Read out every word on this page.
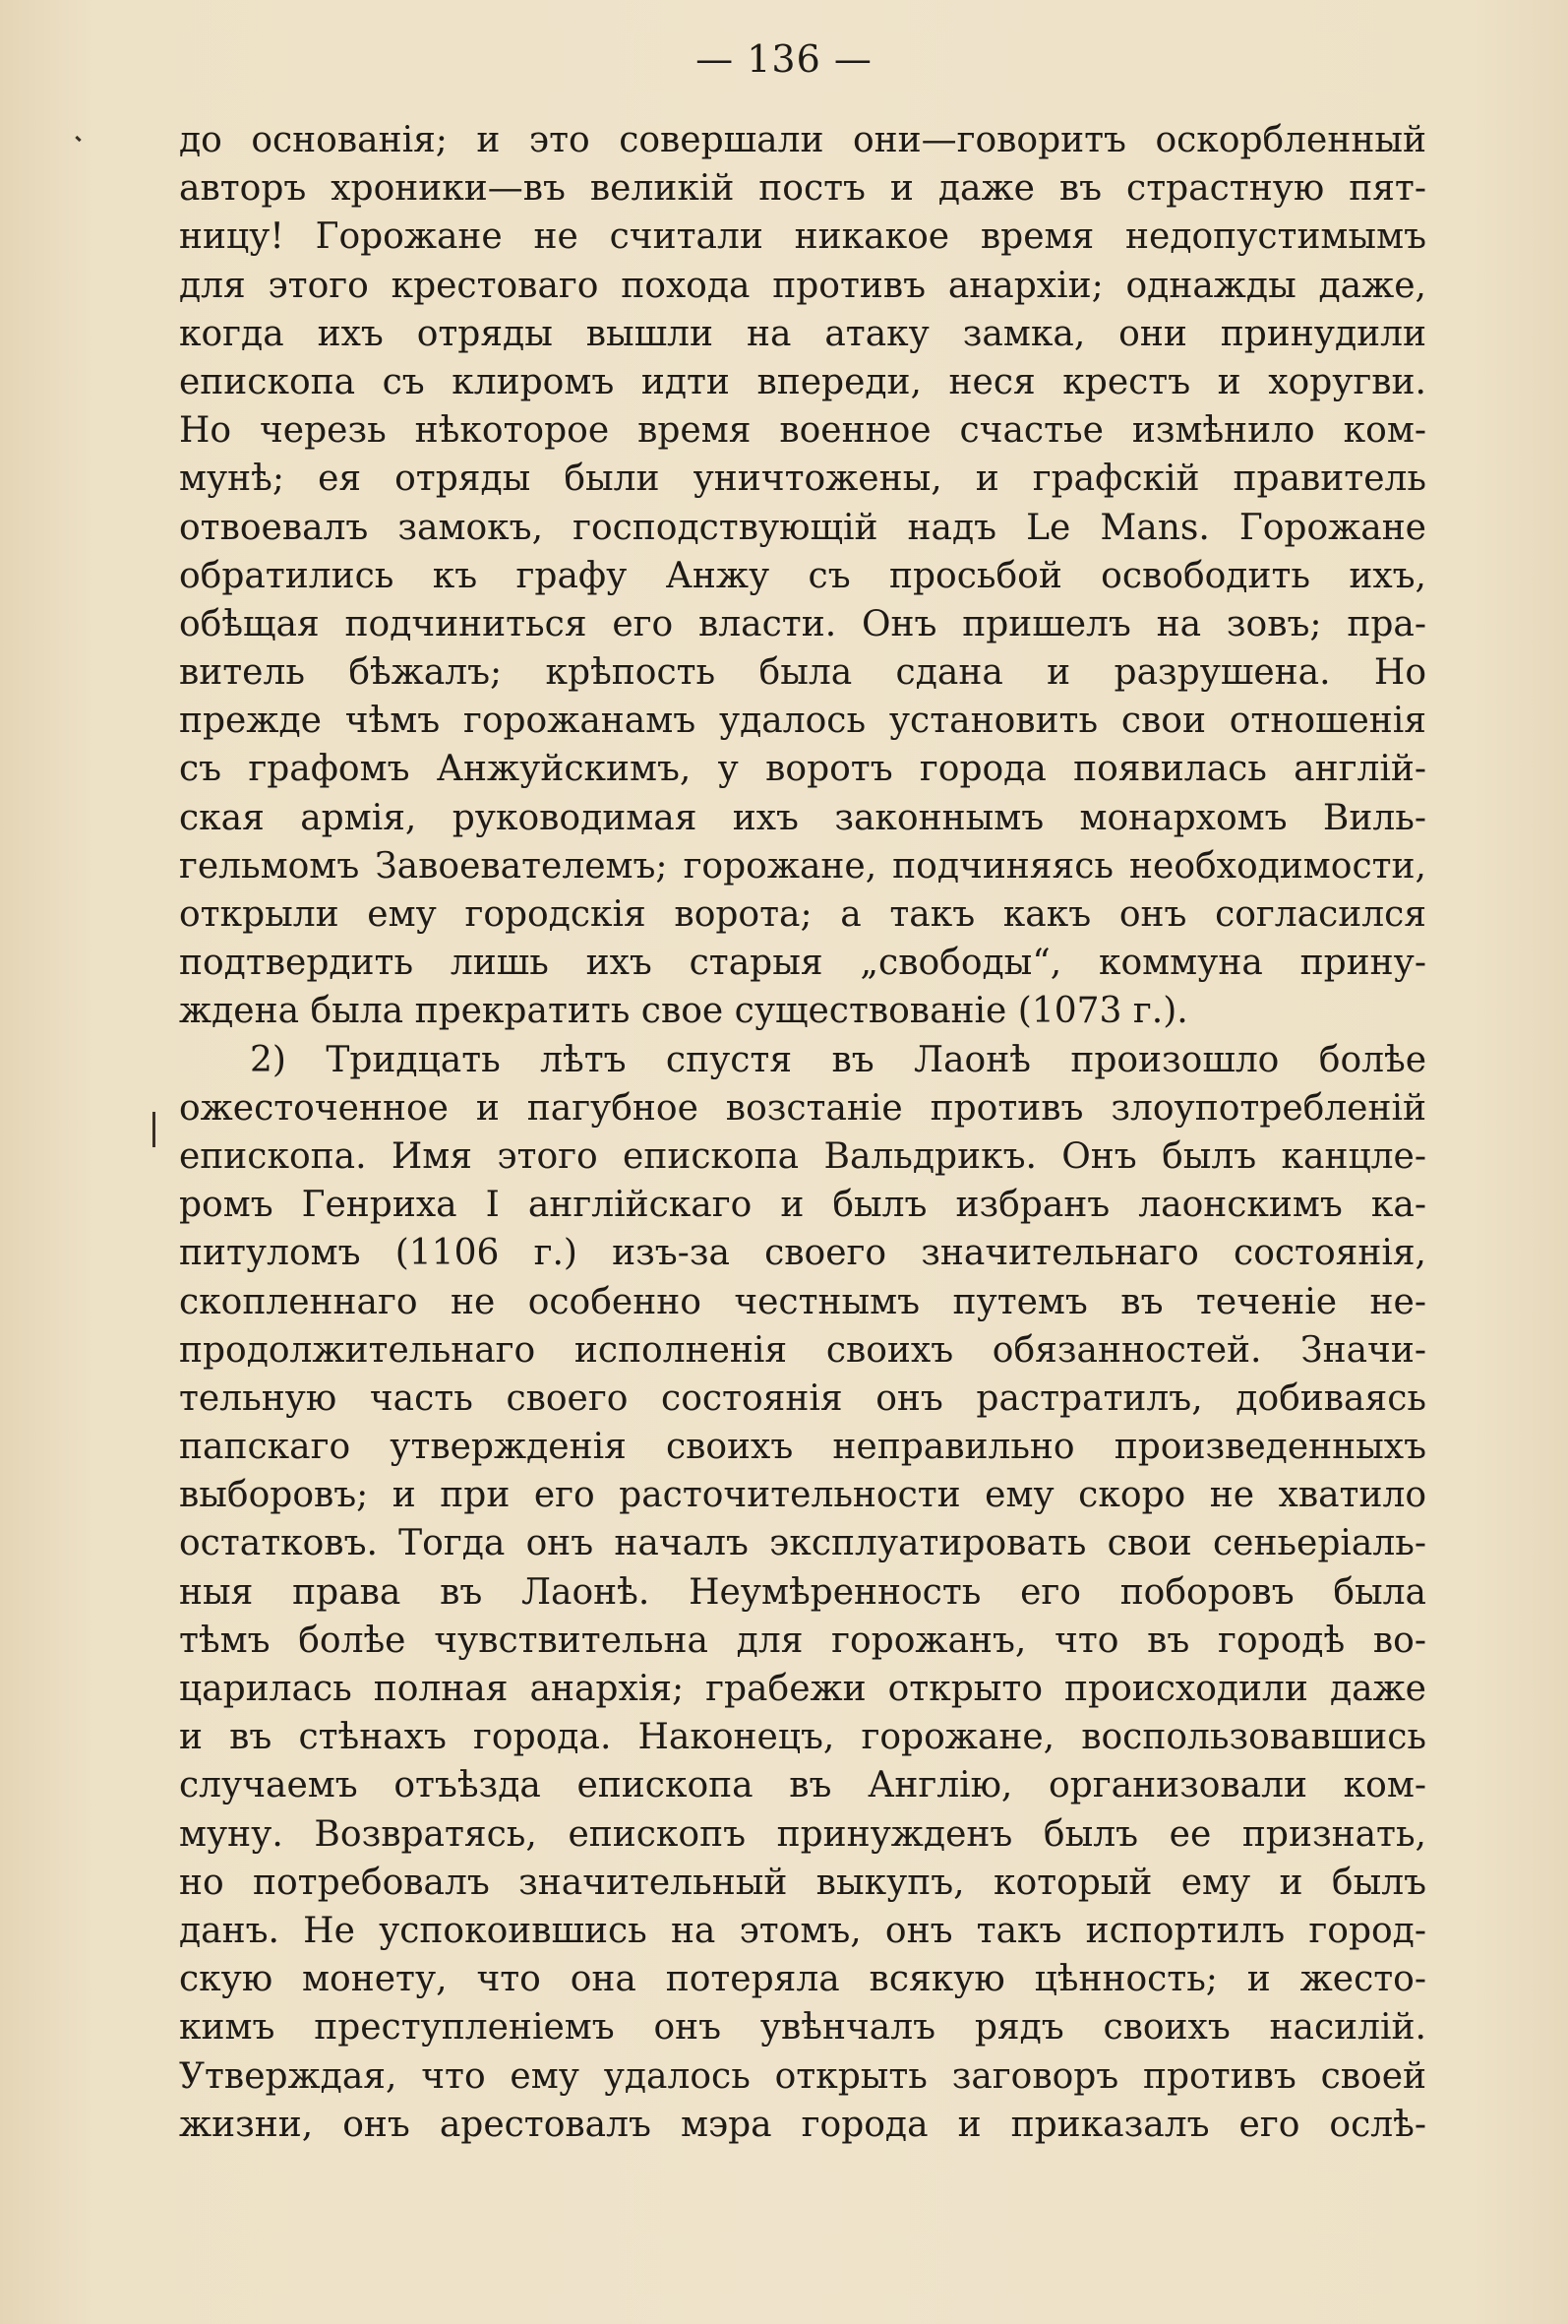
— 136 —
до основанія; и это совершали они—говоритъ оскорбленный
авторъ хроники—въ великій постъ и даже въ страстную пят-
ницу! Горожане не считали никакое время недопустимымъ
для этого крестоваго похода противъ анархіи; однажды даже,
когда ихъ отряды вышли на атаку замка, они принудили
епископа съ клиромъ идти впереди, неся крестъ и хоругви.
Но черезь нѣкоторое время военное счастье измѣнило ком-
мунѣ; ея отряды были уничтожены, и графскій правитель
отвоевалъ замокъ, господствующій надъ Le Mans. Горожане
обратились къ графу Анжу съ просьбой освободить ихъ,
обѣщая подчиниться его власти. Онъ пришелъ на зовъ; пра-
витель бѣжалъ; крѣпость была сдана и разрушена. Но
прежде чѣмъ горожанамъ удалось установить свои отношенія
съ графомъ Анжуйскимъ, у воротъ города появилась англій-
ская армія, руководимая ихъ законнымъ монархомъ Виль-
гельмомъ Завоевателемъ; горожане, подчиняясь необходимости,
открыли ему городскія ворота; а такъ какъ онъ согласился
подтвердить лишь ихъ старыя „свободы“, коммуна прину-
ждена была прекратить свое существованіе (1073 г.).
2) Тридцать лѣтъ спустя въ Лаонѣ произошло болѣе
ожесточенное и пагубное возстаніе противъ злоупотребленій
епископа. Имя этого епископа Вальдрикъ. Онъ былъ канцле-
ромъ Генриха I англійскаго и былъ избранъ лаонскимъ ка-
питуломъ (1106 г.) изъ-за своего значительнаго состоянія,
скопленнаго не особенно честнымъ путемъ въ теченіе не-
продолжительнаго исполненія своихъ обязанностей. Значи-
тельную часть своего состоянія онъ растратилъ, добиваясь
папскаго утвержденія своихъ неправильно произведенныхъ
выборовъ; и при его расточительности ему скоро не хватило
остатковъ. Тогда онъ началъ эксплуатировать свои сеньеріаль-
ныя права въ Лаонѣ. Неумѣренность его поборовъ была
тѣмъ болѣе чувствительна для горожанъ, что въ городѣ во-
царилась полная анархія; грабежи открыто происходили даже
и въ стѣнахъ города. Наконецъ, горожане, воспользовавшись
случаемъ отъѣзда епископа въ Англію, организовали ком-
муну. Возвратясь, епископъ принужденъ былъ ее признать,
но потребовалъ значительный выкупъ, который ему и былъ
данъ. Не успокоившись на этомъ, онъ такъ испортилъ город-
скую монету, что она потеряла всякую цѣнность; и жесто-
кимъ преступленіемъ онъ увѣнчалъ рядъ своихъ насилій.
Утверждая, что ему удалось открыть заговоръ противъ своей
жизни, онъ арестовалъ мэра города и приказалъ его ослѣ-
